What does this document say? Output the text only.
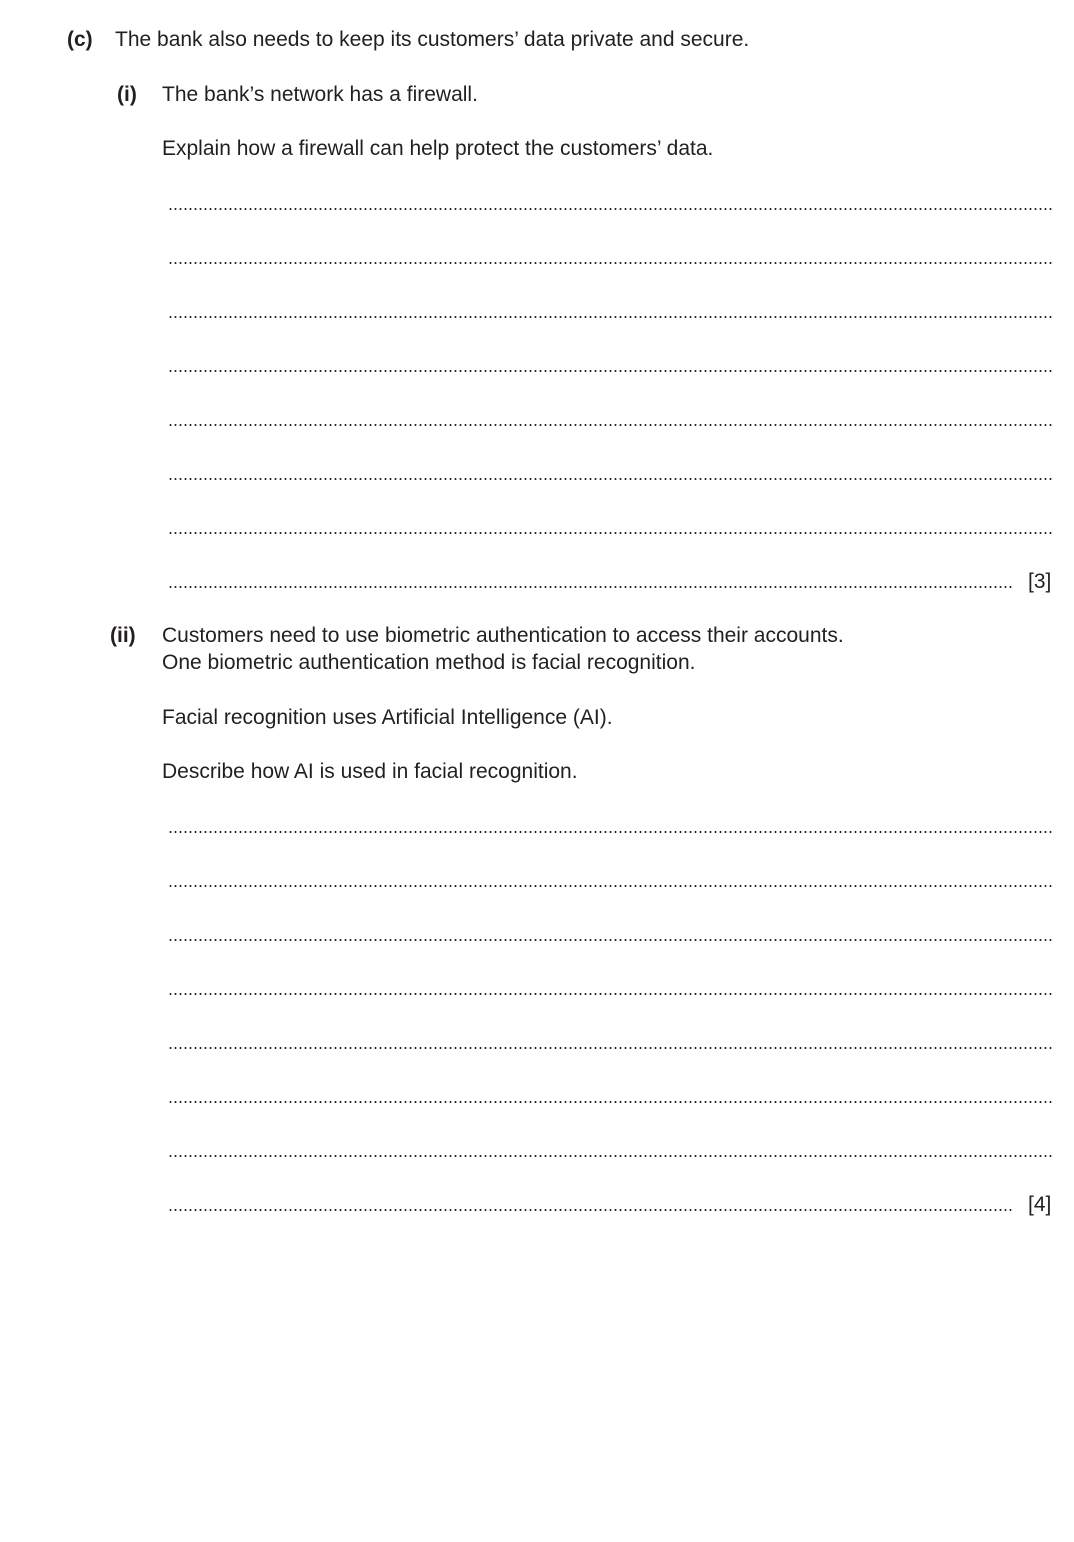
(c) The bank also needs to keep its customers’ data private and secure.
(i) The bank’s network has a firewall.
Explain how a firewall can help protect the customers’ data.
[3]
(ii) Customers need to use biometric authentication to access their accounts.
One biometric authentication method is facial recognition.
Facial recognition uses Artificial Intelligence (AI).
Describe how AI is used in facial recognition.
[4]
